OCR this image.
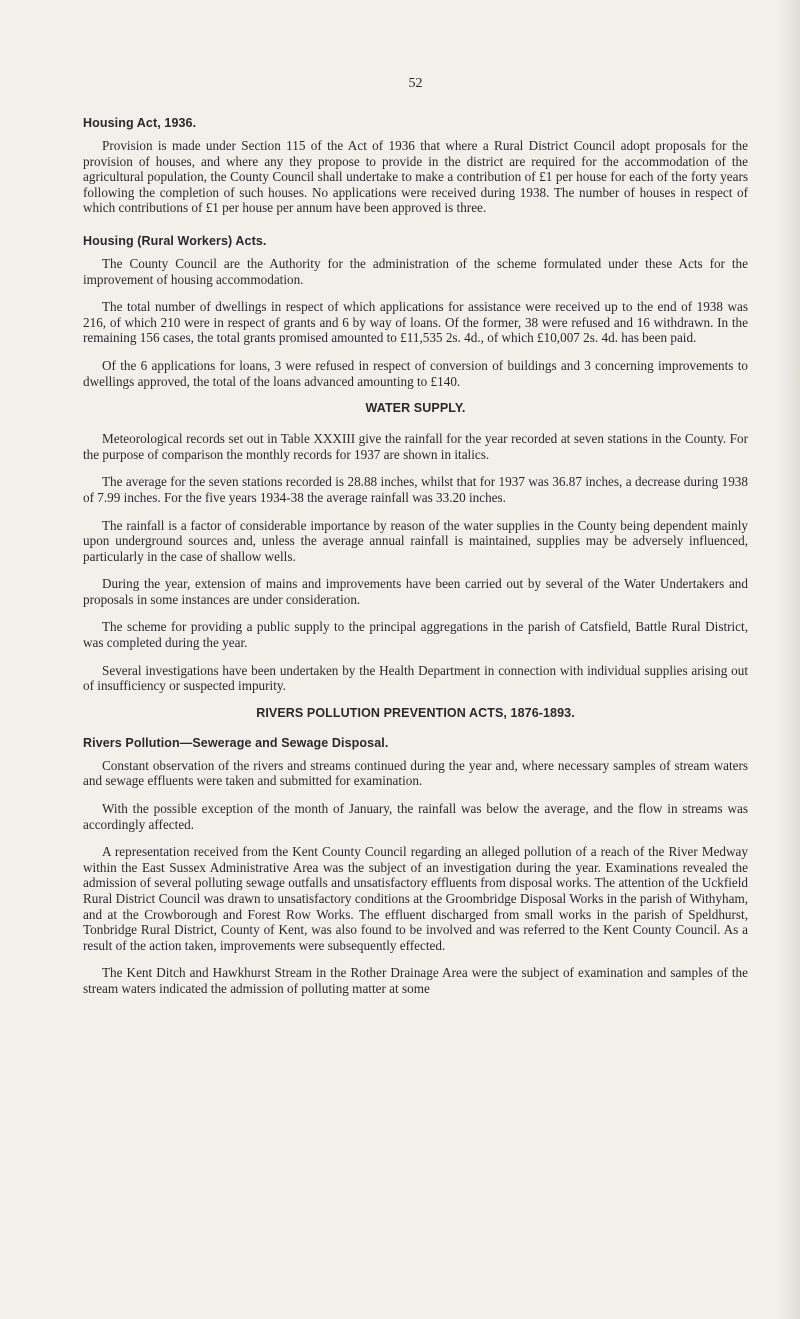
52
Housing Act, 1936.

Provision is made under Section 115 of the Act of 1936 that where a Rural District Council adopt proposals for the provision of houses, and where any they propose to provide in the district are required for the accommodation of the agricultural population, the County Council shall undertake to make a contribution of £1 per house for each of the forty years following the completion of such houses. No applications were received during 1938. The number of houses in respect of which contributions of £1 per house per annum have been approved is three.

Housing (Rural Workers) Acts.

The County Council are the Authority for the administration of the scheme formulated under these Acts for the improvement of housing accommodation.

The total number of dwellings in respect of which applications for assistance were received up to the end of 1938 was 216, of which 210 were in respect of grants and 6 by way of loans. Of the former, 38 were refused and 16 withdrawn. In the remaining 156 cases, the total grants promised amounted to £11,535 2s. 4d., of which £10,007 2s. 4d. has been paid.

Of the 6 applications for loans, 3 were refused in respect of conversion of buildings and 3 concerning improvements to dwellings approved, the total of the loans advanced amounting to £140.

WATER SUPPLY.

Meteorological records set out in Table XXXIII give the rainfall for the year recorded at seven stations in the County. For the purpose of comparison the monthly records for 1937 are shown in italics.

The average for the seven stations recorded is 28.88 inches, whilst that for 1937 was 36.87 inches, a decrease during 1938 of 7.99 inches. For the five years 1934-38 the average rainfall was 33.20 inches.

The rainfall is a factor of considerable importance by reason of the water supplies in the County being dependent mainly upon underground sources and, unless the average annual rainfall is maintained, supplies may be adversely influenced, particularly in the case of shallow wells.

During the year, extension of mains and improvements have been carried out by several of the Water Undertakers and proposals in some instances are under consideration.

The scheme for providing a public supply to the principal aggregations in the parish of Catsfield, Battle Rural District, was completed during the year.

Several investigations have been undertaken by the Health Department in connection with individual supplies arising out of insufficiency or suspected impurity.

RIVERS POLLUTION PREVENTION ACTS, 1876-1893.
Rivers Pollution—Sewerage and Sewage Disposal.

Constant observation of the rivers and streams continued during the year and, where necessary samples of stream waters and sewage effluents were taken and submitted for examination.

With the possible exception of the month of January, the rainfall was below the average, and the flow in streams was accordingly affected.

A representation received from the Kent County Council regarding an alleged pollution of a reach of the River Medway within the East Sussex Administrative Area was the subject of an investigation during the year. Examinations revealed the admission of several polluting sewage outfalls and unsatisfactory effluents from disposal works. The attention of the Uckfield Rural District Council was drawn to unsatisfactory conditions at the Groombridge Disposal Works in the parish of Withyham, and at the Crowborough and Forest Row Works. The effluent discharged from small works in the parish of Speldhurst, Tonbridge Rural District, County of Kent, was also found to be involved and was referred to the Kent County Council. As a result of the action taken, improvements were subsequently effected.

The Kent Ditch and Hawkhurst Stream in the Rother Drainage Area were the subject of examination and samples of the stream waters indicated the admission of polluting matter at some
